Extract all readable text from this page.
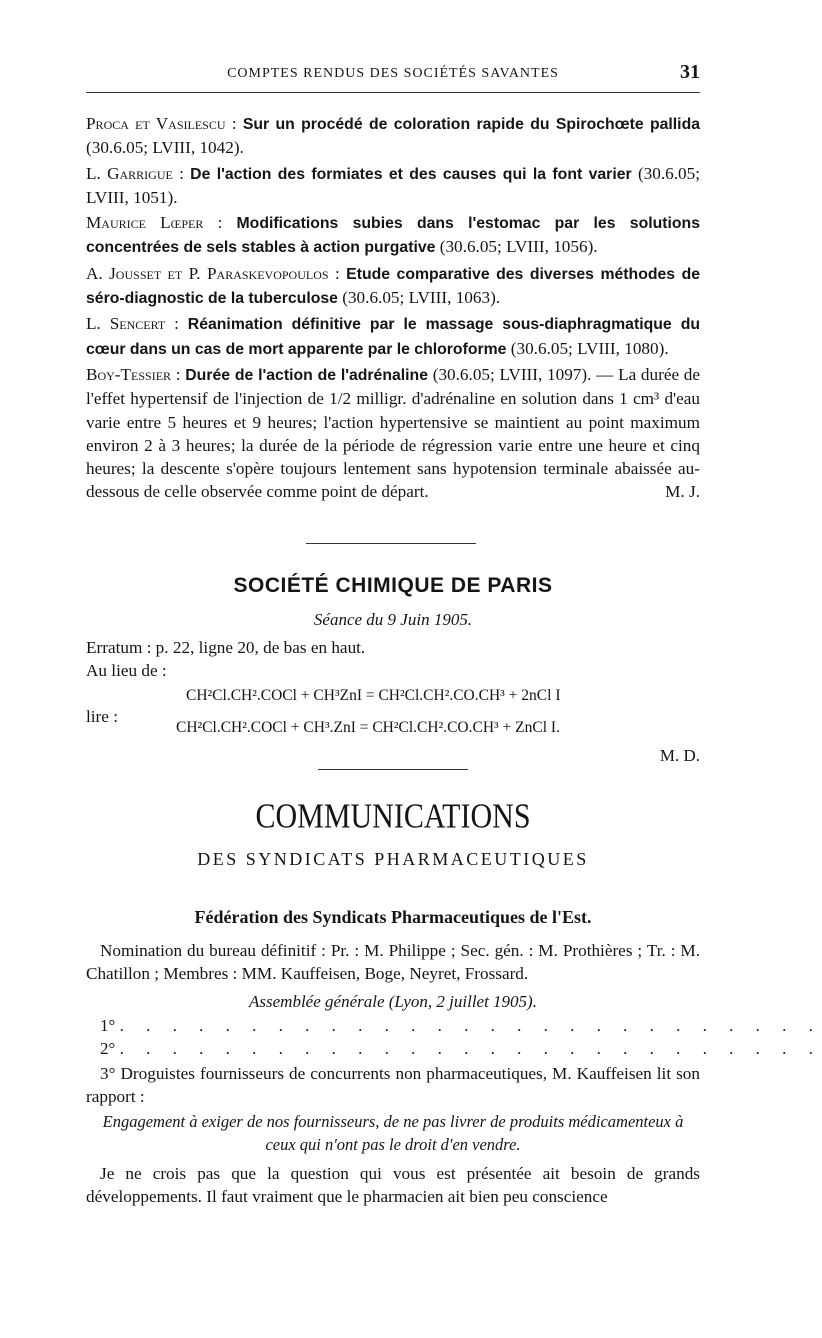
COMPTES RENDUS DES SOCIÉTÉS SAVANTES	31
Proca et Vasilescu : Sur un procédé de coloration rapide du Spirochœte pallida (30.6.05; LVIII, 1042).
L. Garrigue : De l'action des formiates et des causes qui la font varier (30.6.05; LVIII, 1051).
Maurice Lœper : Modifications subies dans l'estomac par les solutions concentrées de sels stables à action purgative (30.6.05; LVIII, 1056).
A. Jousset et P. Paraskevopoulos : Etude comparative des diverses méthodes de séro-diagnostic de la tuberculose (30.6.05; LVIII, 1063).
L. Sencert : Réanimation définitive par le massage sous-diaphragmatique du cœur dans un cas de mort apparente par le chloroforme (30.6.05; LVIII, 1080).
Boy-Tessier : Durée de l'action de l'adrénaline (30.6.05; LVIII, 1097). — La durée de l'effet hypertensif de l'injection de 1/2 milligr. d'adrénaline en solution dans 1 cm³ d'eau varie entre 5 heures et 9 heures; l'action hypertensive se maintient au point maximum environ 2 à 3 heures; la durée de la période de régression varie entre une heure et cinq heures; la descente s'opère toujours lentement sans hypotension terminale abaissée au-dessous de celle observée comme point de départ.	M. J.
SOCIÉTÉ CHIMIQUE DE PARIS
Séance du 9 Juin 1905.
Erratum : p. 22, ligne 20, de bas en haut.
Au lieu de :
CH²Cl.CH².COCl + CH³ZnI = CH²Cl.CH².CO.CH³ + 2nCl I
lire :
CH²Cl.CH².COCl + CH³.ZnI = CH²Cl.CH².CO.CH³ + ZnCl I.
M. D.
COMMUNICATIONS
DES SYNDICATS PHARMACEUTIQUES
Fédération des Syndicats Pharmaceutiques de l'Est.
Nomination du bureau définitif : Pr. : M. Philippe ; Sec. gén. : M. Prothières ; Tr. : M. Chatillon ; Membres : MM. Kauffeisen, Boge, Neyret, Frossard.
Assemblée générale (Lyon, 2 juillet 1905).
1° . . . . . . . . . . . . . . . . . . . . . . . . . . .
2° . . . . . . . . . . . . . . . . . . . . . . . . . . .
3° Droguistes fournisseurs de concurrents non pharmaceutiques, M. Kauffeisen lit son rapport :
Engagement à exiger de nos fournisseurs, de ne pas livrer de produits médicamenteux à ceux qui n'ont pas le droit d'en vendre.
Je ne crois pas que la question qui vous est présentée ait besoin de grands développements. Il faut vraiment que le pharmacien ait bien peu conscience
